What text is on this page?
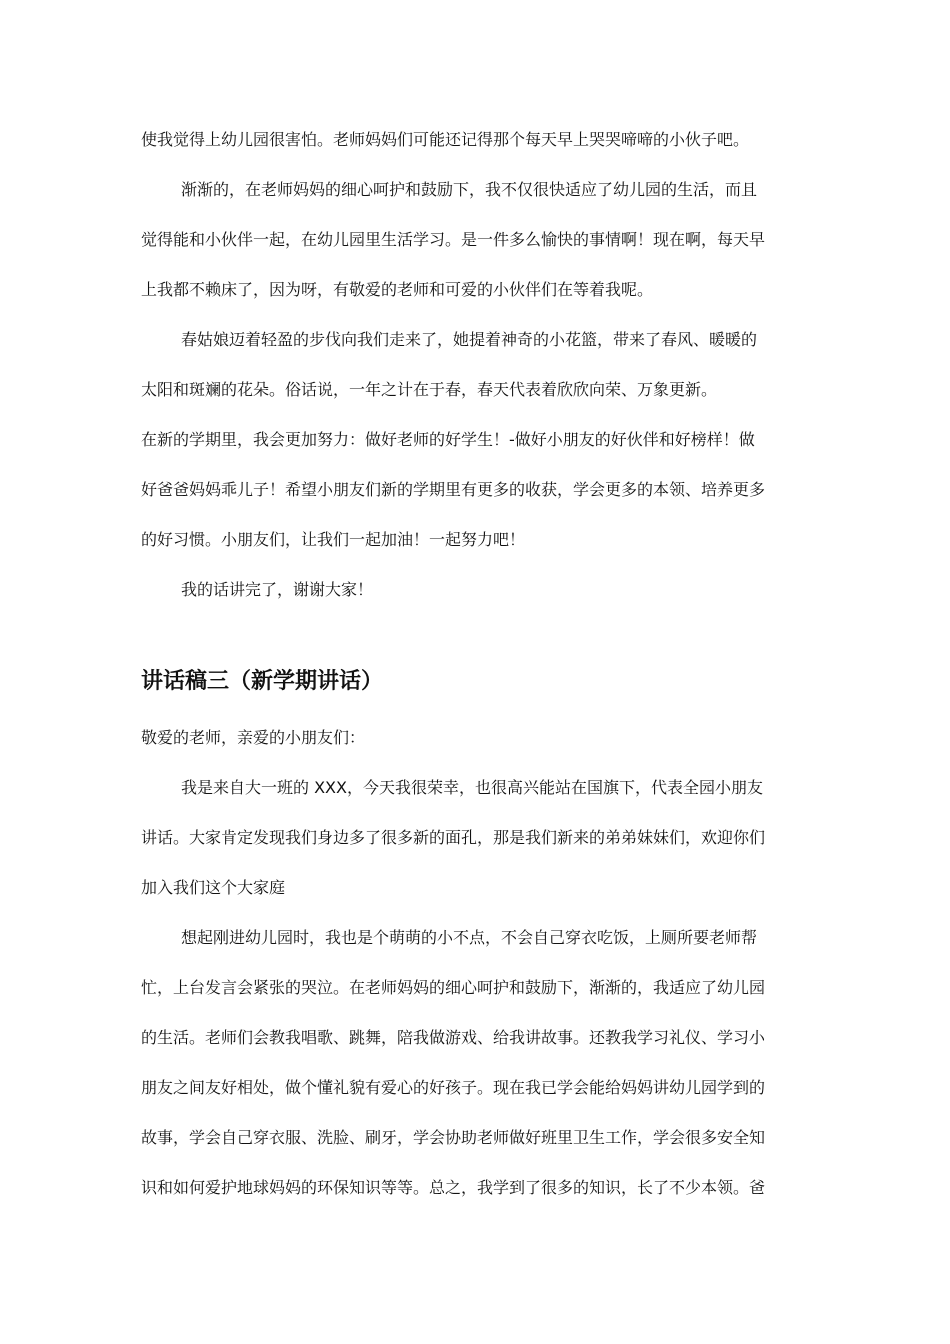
使我觉得上幼儿园很害怕。老师妈妈们可能还记得那个每天早上哭哭啼啼的小伙子吧。
渐渐的，在老师妈妈的细心呵护和鼓励下，我不仅很快适应了幼儿园的生活，而且
觉得能和小伙伴一起，在幼儿园里生活学习。是一件多么愉快的事情啊！现在啊，每天早
上我都不赖床了，因为呀，有敬爱的老师和可爱的小伙伴们在等着我呢。
春姑娘迈着轻盈的步伐向我们走来了，她提着神奇的小花篮，带来了春风、暖暖的
太阳和斑斓的花朵。俗话说，一年之计在于春，春天代表着欣欣向荣、万象更新。
在新的学期里，我会更加努力：做好老师的好学生！-做好小朋友的好伙伴和好榜样！做
好爸爸妈妈乖儿子！希望小朋友们新的学期里有更多的收获，学会更多的本领、培养更多
的好习惯。小朋友们，让我们一起加油！一起努力吧！
我的话讲完了，谢谢大家！
讲话稿三（新学期讲话）
敬爱的老师，亲爱的小朋友们：
我是来自大一班的 XXX，今天我很荣幸，也很高兴能站在国旗下，代表全园小朋友
讲话。大家肯定发现我们身边多了很多新的面孔，那是我们新来的弟弟妹妹们，欢迎你们
加入我们这个大家庭
想起刚进幼儿园时，我也是个萌萌的小不点，不会自己穿衣吃饭，上厕所要老师帮
忙，上台发言会紧张的哭泣。在老师妈妈的细心呵护和鼓励下，渐渐的，我适应了幼儿园
的生活。老师们会教我唱歌、跳舞，陪我做游戏、给我讲故事。还教我学习礼仪、学习小
朋友之间友好相处，做个懂礼貌有爱心的好孩子。现在我已学会能给妈妈讲幼儿园学到的
故事，学会自己穿衣服、洗脸、刷牙，学会协助老师做好班里卫生工作，学会很多安全知
识和如何爱护地球妈妈的环保知识等等。总之，我学到了很多的知识，长了不少本领。爸
